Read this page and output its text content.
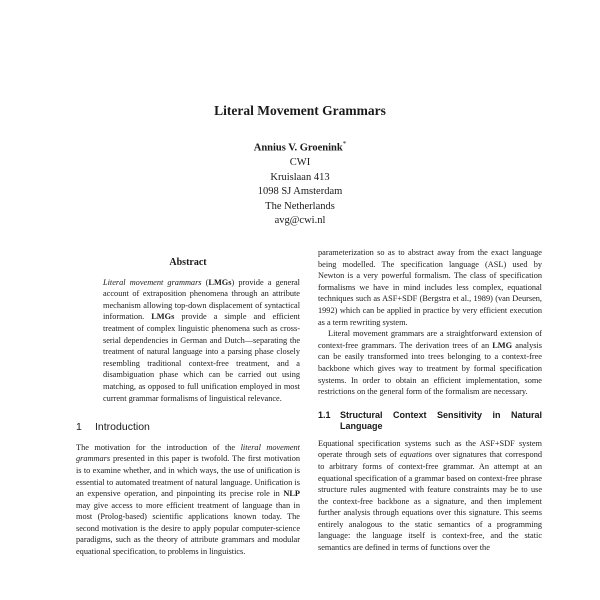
Literal Movement Grammars
Annius V. Groenink*
CWI
Kruislaan 413
1098 SJ Amsterdam
The Netherlands
avg@cwi.nl
Abstract

Literal movement grammars (LMGs) provide a general account of extraposition phenomena through an attribute mechanism allowing top-down displacement of syntactical information. LMGs provide a simple and efficient treatment of complex linguistic phenomena such as cross-serial dependencies in German and Dutch—separating the treatment of natural language into a parsing phase closely resembling traditional context-free treatment, and a disambiguation phase which can be carried out using matching, as opposed to full unification employed in most current grammar formalisms of linguistical relevance.

1 Introduction

The motivation for the introduction of the literal movement grammars presented in this paper is twofold. The first motivation is to examine whether, and in which ways, the use of unification is essential to automated treatment of natural language. Unification is an expensive operation, and pinpointing its precise role in NLP may give access to more efficient treatment of language than in most (Prolog-based) scientific applications known today. The second motivation is the desire to apply popular computer-science paradigms, such as the theory of attribute grammars and modular equational specification, to problems in linguistics.

parameterization so as to abstract away from the exact language being modelled. The specification language (ASL) used by Newton is a very powerful formalism. The class of specification formalisms we have in mind includes less complex, equational techniques such as ASF+SDF (Bergstra et al., 1989) (van Deursen, 1992) which can be applied in practice by very efficient execution as a term rewriting system.

Literal movement grammars are a straightforward extension of context-free grammars. The derivation trees of an LMG analysis can be easily transformed into trees belonging to a context-free backbone which gives way to treatment by formal specification systems. In order to obtain an efficient implementation, some restrictions on the general form of the formalism are necessary.

1.1	Structural Context Sensitivity in Natural Language

Equational specification systems such as the ASF+SDF system operate through sets of equations over signatures that correspond to arbitrary forms of context-free grammar. An attempt at an equational specification of a grammar based on context-free phrase structure rules augmented with feature constraints may be to use the context-free backbone as a signature, and then implement further analysis through equations over this signature. This seems entirely analogous to the static semantics of a programming language: the language itself is context-free, and the static semantics are defined in terms of functions over the
